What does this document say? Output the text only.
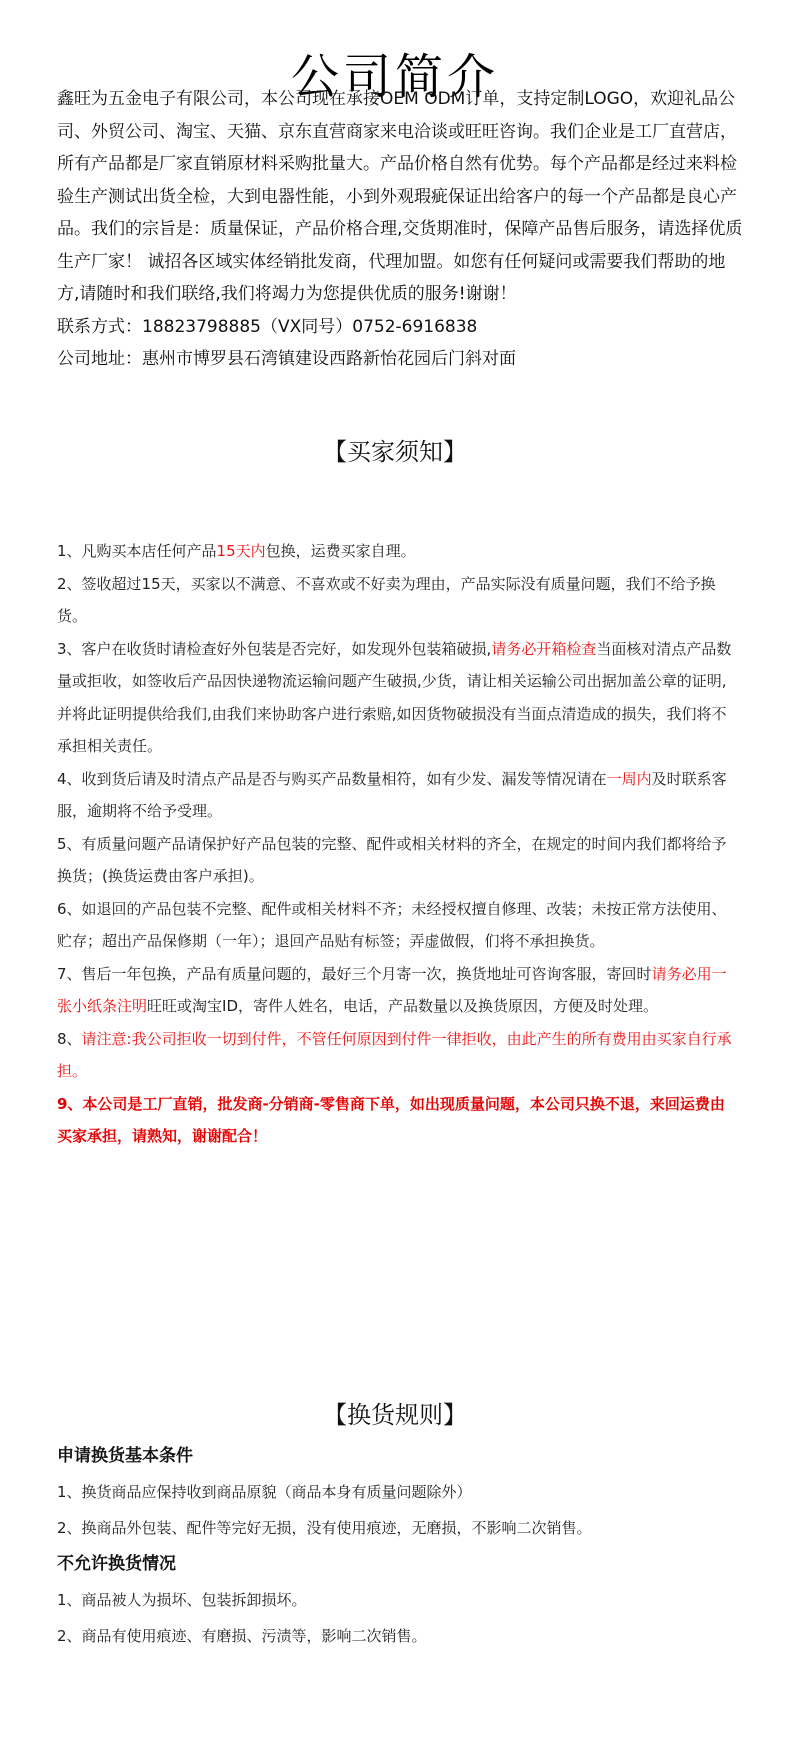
公司简介

鑫旺为五金电子有限公司，本公司现在承接OEM ODM订单，支持定制LOGO，欢迎礼品公司、外贸公司、淘宝、天猫、京东直营商家来电洽谈或旺旺咨询。我们企业是工厂直营店，所有产品都是厂家直销原材料采购批量大。产品价格自然有优势。每个产品都是经过来料检验生产测试出货全检，大到电器性能，小到外观瑕疵保证出给客户的每一个产品都是良心产品。我们的宗旨是：质量保证，产品价格合理,交货期准时，保障产品售后服务，请选择优质生产厂家！ 诚招各区域实体经销批发商，代理加盟。如您有任何疑问或需要我们帮助的地方,请随时和我们联络,我们将竭力为您提供优质的服务!谢谢！

联系方式：18823798885（VX同号）0752-6916838

公司地址：惠州市博罗县石湾镇建设西路新怡花园后门斜对面

【买家须知】

1、凡购买本店任何产品15天内包换，运费买家自理。

2、签收超过15天，买家以不满意、不喜欢或不好卖为理由，产品实际没有质量问题，我们不给予换货。

3、客户在收货时请检查好外包装是否完好，如发现外包装箱破损,请务必开箱检查当面核对清点产品数量或拒收，如签收后产品因快递物流运输问题产生破损,少货，请让相关运输公司出据加盖公章的证明,并将此证明提供给我们,由我们来协助客户进行索赔,如因货物破损没有当面点清造成的损失，我们将不承担相关责任。

4、收到货后请及时清点产品是否与购买产品数量相符，如有少发、漏发等情况请在一周内及时联系客服，逾期将不给予受理。

5、有质量问题产品请保护好产品包装的完整、配件或相关材料的齐全，在规定的时间内我们都将给予换货；(换货运费由客户承担)。

6、如退回的产品包装不完整、配件或相关材料不齐；未经授权擅自修理、改装；未按正常方法使用、贮存；超出产品保修期（一年）；退回产品贴有标签；弄虚做假，们将不承担换货。

7、售后一年包换，产品有质量问题的，最好三个月寄一次，换货地址可咨询客服，寄回时请务必用一张小纸条注明旺旺或淘宝ID，寄件人姓名，电话，产品数量以及换货原因，方便及时处理。

8、请注意:我公司拒收一切到付件，不管任何原因到付件一律拒收，由此产生的所有费用由买家自行承担。

9、本公司是工厂直销，批发商-分销商-零售商下单，如出现质量问题，本公司只换不退，来回运费由买家承担，请熟知，谢谢配合！

【换货规则】

申请换货基本条件

1、换货商品应保持收到商品原貌（商品本身有质量问题除外）

2、换商品外包装、配件等完好无损，没有使用痕迹，无磨损，不影响二次销售。

不允许换货情况

1、商品被人为损坏、包装拆卸损坏。

2、商品有使用痕迹、有磨损、污渍等，影响二次销售。
